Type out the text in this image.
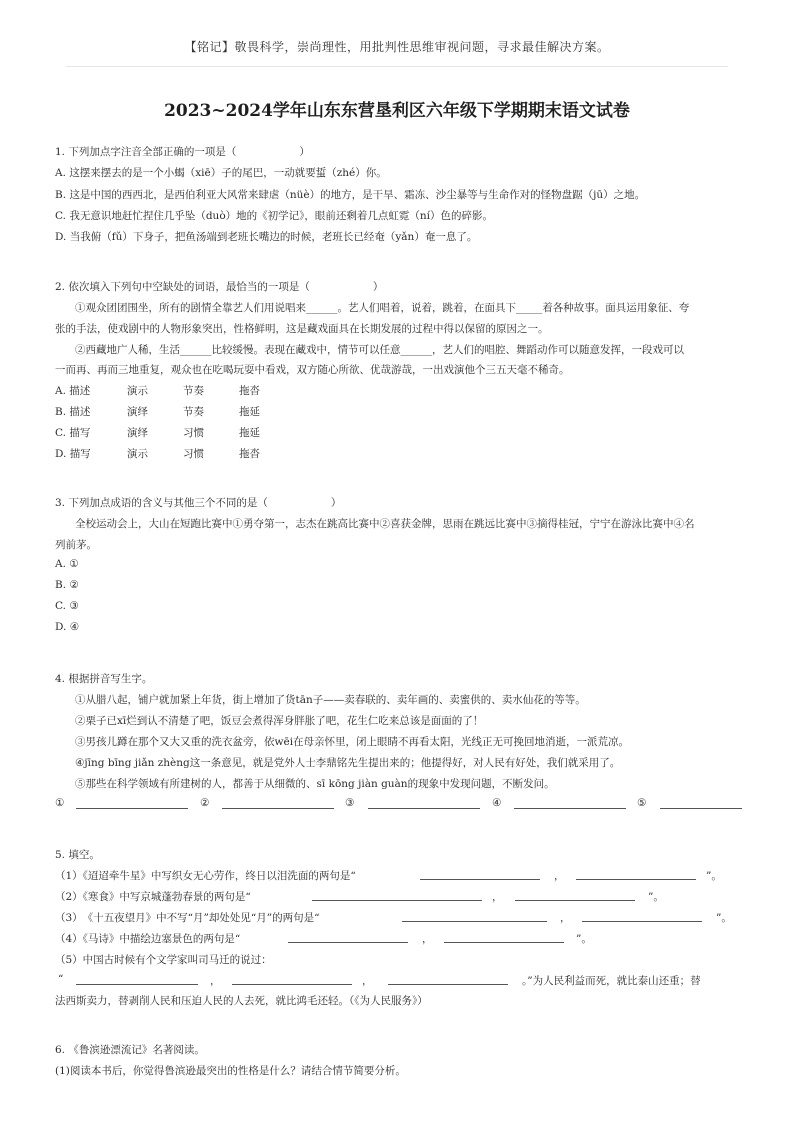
【铭记】敬畏科学，崇尚理性，用批判性思维审视问题，寻求最佳解决方案。
2023~2024学年山东东营垦利区六年级下学期期末语文试卷
1. 下列加点字注音全部正确的一项是（　　　　　　）
A. 这摆来摆去的是一个小蝎（xiē）子的尾巴，一动就要蜇（zhé）你。
B. 这是中国的西西北，是西伯利亚大风常来肆虐（nüè）的地方，是干旱、霜冻、沙尘暴等与生命作对的怪物盘踞（jū）之地。
C. 我无意识地赶忙捏住几乎坠（duò）地的《初学记》，眼前还剩着几点虹霓（ní）色的碎影。
D. 当我俯（fǔ）下身子，把鱼汤端到老班长嘴边的时候，老班长已经奄（yǎn）奄一息了。
2. 依次填入下列句中空缺处的词语，最恰当的一项是（　　　　　　）
①观众团团围坐，所有的剧情全靠艺人们用说唱来______。艺人们唱着，说着，跳着，在面具下_____着各种故事。面具运用象征、夸
张的手法，使戏剧中的人物形象突出，性格鲜明，这是藏戏面具在长期发展的过程中得以保留的原因之一。
②西藏地广人稀，生活______比较缓慢。表现在藏戏中，情节可以任意______，艺人们的唱腔、舞蹈动作可以随意发挥，一段戏可以
一而再、再而三地重复，观众也在吃喝玩耍中看戏，双方随心所欲、优哉游哉，一出戏演他个三五天毫不稀奇。
A. 描述	演示	节奏	拖沓
B. 描述	演绎	节奏	拖延
C. 描写	演绎	习惯	拖延
D. 描写	演示	习惯	拖沓
3. 下列加点成语的含义与其他三个不同的是（　　　　　　）
全校运动会上，大山在短跑比赛中①勇夺第一，志杰在跳高比赛中②喜获金牌，思雨在跳远比赛中③摘得桂冠，宁宁在游泳比赛中④名
列前茅。
A. ①
B. ②
C. ③
D. ④
4. 根据拼音写生字。
①从腊八起，铺户就加紧上年货，街上增加了货tān子——卖春联的、卖年画的、卖蜜供的、卖水仙花的等等。
②栗子已xī烂到认不清楚了吧，饭豆会煮得浑身胖胀了吧，花生仁吃来总该是面面的了！
③男孩儿蹲在那个又大又重的洗衣盆旁，依wēi在母亲怀里，闭上眼睛不再看太阳，光线正无可挽回地消逝，一派荒凉。
④jīng bīng jiǎn zhèng这一条意见，就是党外人士李鼎铭先生提出来的；他提得好，对人民有好处，我们就采用了。
⑤那些在科学领域有所建树的人，都善于从细微的、sī kōng jiàn guàn的现象中发现问题，不断发问。
①	②	③	④	⑤
5. 填空。
（1）《迢迢牵牛星》中写织女无心劳作，终日以泪洗面的两句是“	，	”。
（2）《寒食》中写京城蓬勃春景的两句是“	，	”。
（3）　《十五夜望月》中不写“月”却处处见“月”的两句是“	，	”。
（4）《马诗》中描绘边塞景色的两句是“	，	”。
（5）中国古时候有个文学家叫司马迁的说过：
“	，	，	。”为人民利益而死，就比泰山还重；替
法西斯卖力，替剥削人民和压迫人民的人去死，就比鸿毛还轻。（《为人民服务》）
6. 《鲁滨逊漂流记》名著阅读。
(1)阅读本书后，你觉得鲁滨逊最突出的性格是什么？请结合情节简要分析。
